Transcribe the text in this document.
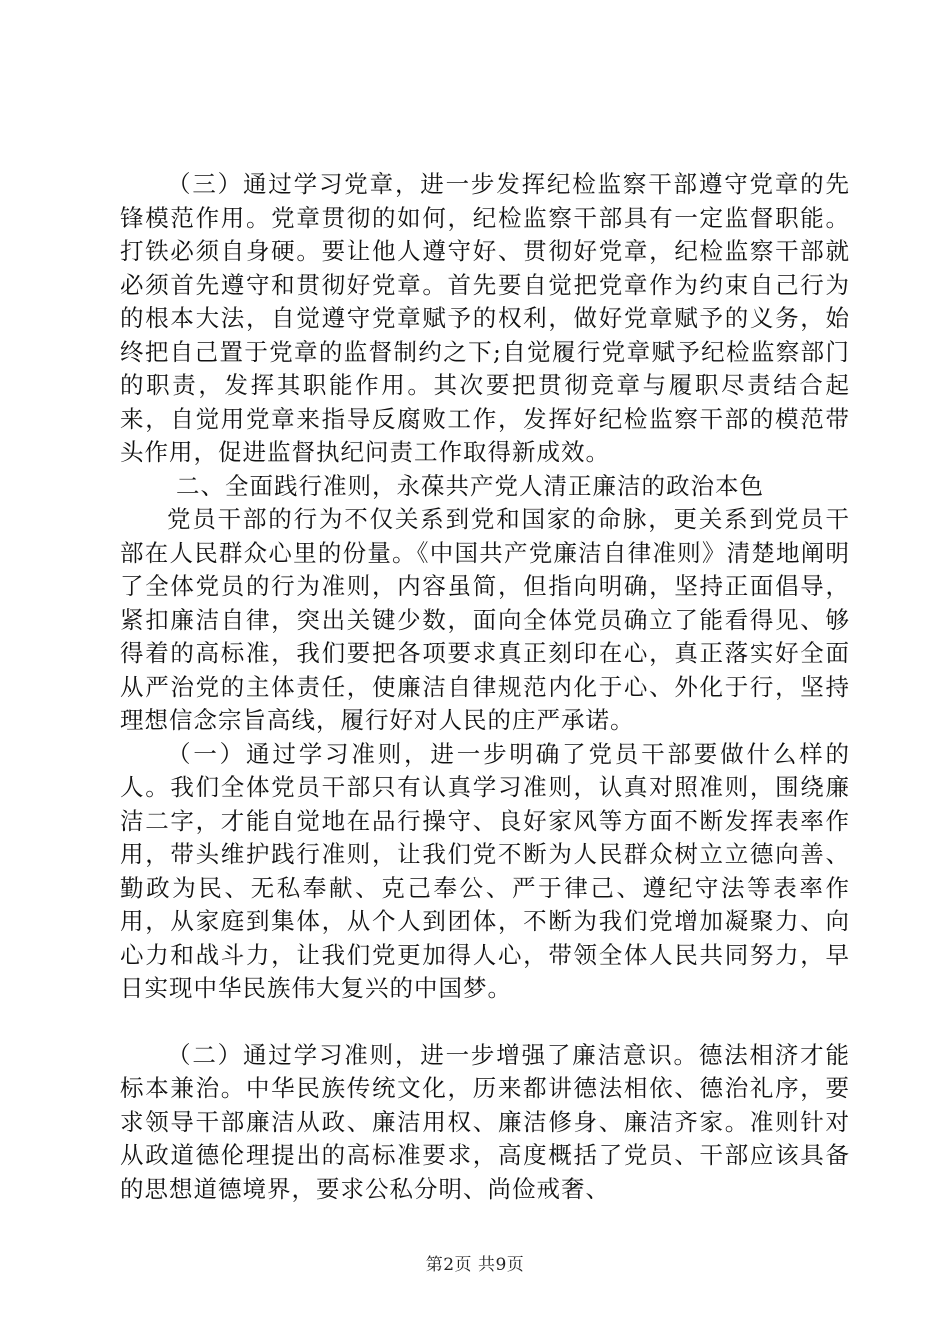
（三）通过学习党章，进一步发挥纪检监察干部遵守党章的先锋模范作用。党章贯彻的如何，纪检监察干部具有一定监督职能。打铁必须自身硬。要让他人遵守好、贯彻好党章，纪检监察干部就必须首先遵守和贯彻好党章。首先要自觉把党章作为约束自己行为的根本大法，自觉遵守党章赋予的权利，做好党章赋予的义务，始终把自己置于党章的监督制约之下;自觉履行党章赋予纪检监察部门的职责，发挥其职能作用。其次要把贯彻竞章与履职尽责结合起来，自觉用党章来指导反腐败工作，发挥好纪检监察干部的模范带头作用，促进监督执纪问责工作取得新成效。

二、全面践行准则，永葆共产党人清正廉洁的政治本色

党员干部的行为不仅关系到党和国家的命脉，更关系到党员干部在人民群众心里的份量。《中国共产党廉洁自律准则》清楚地阐明了全体党员的行为准则，内容虽简，但指向明确，坚持正面倡导，紧扣廉洁自律，突出关键少数，面向全体党员确立了能看得见、够得着的高标准，我们要把各项要求真正刻印在心，真正落实好全面从严治党的主体责任，使廉洁自律规范内化于心、外化于行，坚持理想信念宗旨高线，履行好对人民的庄严承诺。

（一）通过学习准则，进一步明确了党员干部要做什么样的人。我们全体党员干部只有认真学习准则，认真对照准则，围绕廉洁二字，才能自觉地在品行操守、良好家风等方面不断发挥表率作用，带头维护践行准则，让我们党不断为人民群众树立立德向善、勤政为民、无私奉献、克己奉公、严于律己、遵纪守法等表率作用，从家庭到集体，从个人到团体，不断为我们党增加凝聚力、向心力和战斗力，让我们党更加得人心，带领全体人民共同努力，早日实现中华民族伟大复兴的中国梦。

（二）通过学习准则，进一步增强了廉洁意识。德法相济才能标本兼治。中华民族传统文化，历来都讲德法相依、德治礼序，要求领导干部廉洁从政、廉洁用权、廉洁修身、廉洁齐家。准则针对从政道德伦理提出的高标准要求，高度概括了党员、干部应该具备的思想道德境界，要求公私分明、尚俭戒奢、

第2页 共9页
